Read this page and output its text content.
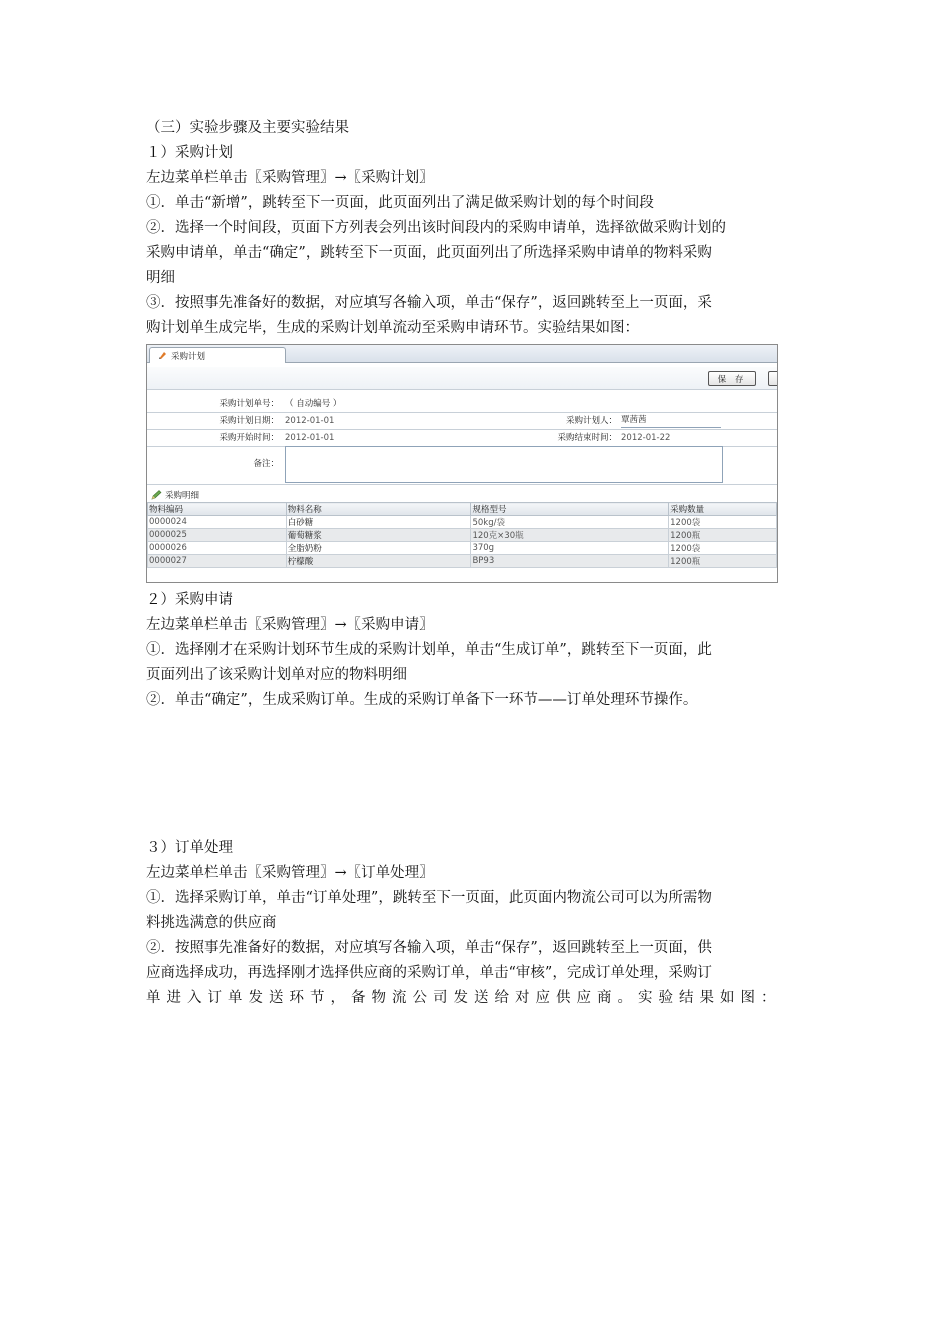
（三）实验步骤及主要实验结果

１）采购计划

左边菜单栏单击〖采购管理〗→〖采购计划〗

①．单击“新增”，跳转至下一页面，此页面列出了满足做采购计划的每个时间段

②．选择一个时间段，页面下方列表会列出该时间段内的采购申请单，选择欲做采购计划的

采购申请单，单击“确定”，跳转至下一页面，此页面列出了所选择采购申请单的物料采购

明细

③．按照事先准备好的数据，对应填写各输入项，单击“保存”，返回跳转至上一页面，采

购计划单生成完毕，生成的采购计划单流动至采购申请环节。实验结果如图：

采购计划
保 存
采购计划单号： （ 自动编号 ）
采购计划日期： 2012-01-01	采购计划人： 覃茜茜
采购开始时间： 2012-01-01	采购结束时间： 2012-01-22
备注：
采购明细
物料编码	物料名称	规格型号	采购数量
0000024	白砂糖	50kg/袋	1200袋
0000025	葡萄糖浆	120克×30瓶	1200瓶
0000026	全脂奶粉	370g	1200袋
0000027	柠檬酸	BP93	1200瓶

２）采购申请

左边菜单栏单击〖采购管理〗→〖采购申请〗

①．选择刚才在采购计划环节生成的采购计划单，单击“生成订单”，跳转至下一页面，此

页面列出了该采购计划单对应的物料明细

②．单击“确定”，生成采购订单。生成的采购订单备下一环节——订单处理环节操作。

３）订单处理

左边菜单栏单击〖采购管理〗→〖订单处理〗

①．选择采购订单，单击“订单处理”，跳转至下一页面，此页面内物流公司可以为所需物

料挑选满意的供应商

②．按照事先准备好的数据，对应填写各输入项，单击“保存”，返回跳转至上一页面，供

应商选择成功，再选择刚才选择供应商的采购订单，单击“审核”，完成订单处理，采购订

单进入订单发送环节，备物流公司发送给对应供应商。实验结果如图：
